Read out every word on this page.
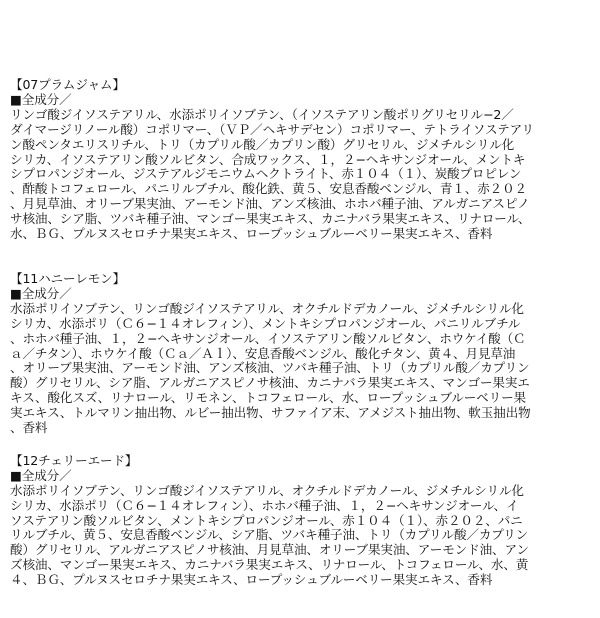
【07プラムジャム】
■全成分／
リンゴ酸ジイソステアリル、水添ポリイソブテン、（イソステアリン酸ポリグリセリル−2／
ダイマージリノール酸）コポリマー、（ＶＰ／ヘキサデセン）コポリマー、テトライソステアリ
ン酸ペンタエリスリチル、トリ（カプリル酸／カプリン酸）グリセリル、ジメチルシリル化
シリカ、イソステアリン酸ソルビタン、合成ワックス、１，２−ヘキサンジオール、メントキ
シプロパンジオール、ジステアルジモニウムヘクトライト、赤１０４（１）、炭酸プロピレン
、酢酸トコフェロール、パニリルブチル、酸化鉄、黄５、安息香酸ベンジル、青１、赤２０２
、月見草油、オリーブ果実油、アーモンド油、アンズ核油、ホホバ種子油、アルガニアスピノ
サ核油、シア脂、ツバキ種子油、マンゴー果実エキス、カニナバラ果実エキス、リナロール、
水、ＢＧ、プルヌスセロチナ果実エキス、ロープッシュブルーベリー果実エキス、香料
【11ハニーレモン】
■全成分／
水添ポリイソブテン、リンゴ酸ジイソステアリル、オクチルドデカノール、ジメチルシリル化
シリカ、水添ポリ（Ｃ６−１４オレフィン）、メントキシプロパンジオール、パニリルブチル
、ホホバ種子油、１，２−ヘキサンジオール、イソステアリン酸ソルビタン、ホウケイ酸（Ｃ
ａ／チタン）、ホウケイ酸（Ｃａ／Ａｌ）、安息香酸ベンジル、酸化チタン、黄４、月見草油
、オリーブ果実油、アーモンド油、アンズ核油、ツバキ種子油、トリ（カプリル酸／カプリン
酸）グリセリル、シア脂、アルガニアスピノサ核油、カニナバラ果実エキス、マンゴー果実エ
キス、酸化スズ、リナロール、リモネン、トコフェロール、水、ロープッシュブルーベリー果
実エキス、トルマリン抽出物、ルビー抽出物、サファイア末、アメジスト抽出物、軟玉抽出物
、香料
【12チェリーエード】
■全成分／
水添ポリイソブテン、リンゴ酸ジイソステアリル、オクチルドデカノール、ジメチルシリル化
シリカ、水添ポリ（Ｃ６−１４オレフィン）、ホホバ種子油、１，２−ヘキサンジオール、イ
ソステアリン酸ソルビタン、メントキシプロパンジオール、赤１０４（１）、赤２０２、パニ
リルブチル、黄５、安息香酸ベンジル、シア脂、ツバキ種子油、トリ（カプリル酸／カプリン
酸）グリセリル、アルガニアスピノサ核油、月見草油、オリーブ果実油、アーモンド油、アン
ズ核油、マンゴー果実エキス、カニナバラ果実エキス、リナロール、トコフェロール、水、黄
４、ＢＧ、プルヌスセロチナ果実エキス、ロープッシュブルーベリー果実エキス、香料
